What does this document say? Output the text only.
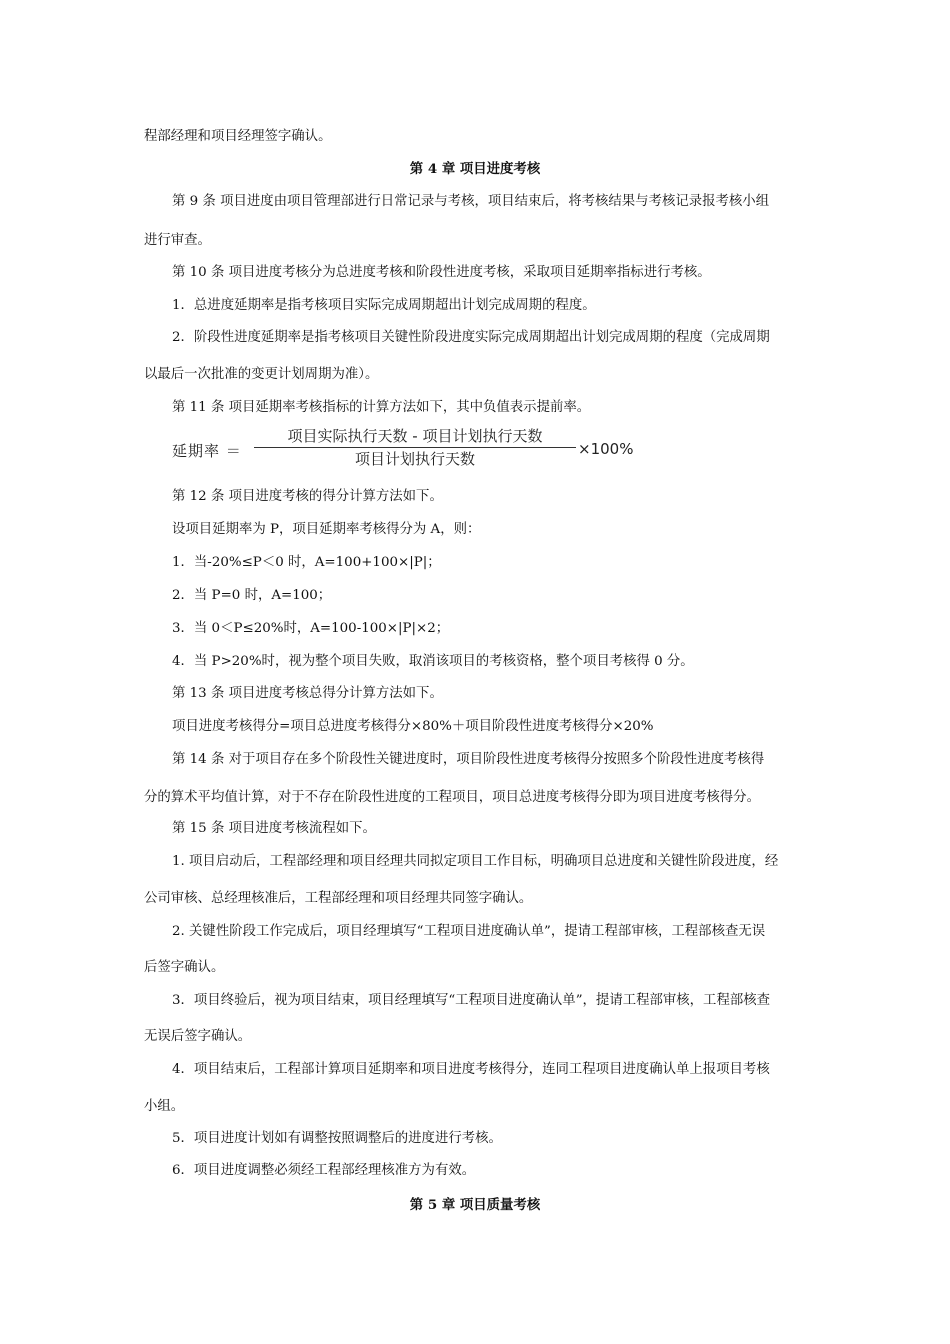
程部经理和项目经理签字确认。
第 4 章 项目进度考核
第 9 条 项目进度由项目管理部进行日常记录与考核，项目结束后，将考核结果与考核记录报考核小组
进行审查。
第 10 条 项目进度考核分为总进度考核和阶段性进度考核，采取项目延期率指标进行考核。
1．总进度延期率是指考核项目实际完成周期超出计划完成周期的程度。
2．阶段性进度延期率是指考核项目关键性阶段进度实际完成周期超出计划完成周期的程度（完成周期
以最后一次批准的变更计划周期为准）。
第 11 条 项目延期率考核指标的计算方法如下，其中负值表示提前率。
延期率 ＝
项目实际执行天数 - 项目计划执行天数
项目计划执行天数
×100%
第 12 条 项目进度考核的得分计算方法如下。
设项目延期率为 P，项目延期率考核得分为 A，则：
1．当-20%≤P＜0 时，A=100+100×|P|；
2．当 P=0 时，A=100；
3．当 0＜P≤20%时，A=100-100×|P|×2；
4．当 P>20%时，视为整个项目失败，取消该项目的考核资格，整个项目考核得 0 分。
第 13 条 项目进度考核总得分计算方法如下。
项目进度考核得分=项目总进度考核得分×80%＋项目阶段性进度考核得分×20%
第 14 条 对于项目存在多个阶段性关键进度时，项目阶段性进度考核得分按照多个阶段性进度考核得
分的算术平均值计算，对于不存在阶段性进度的工程项目，项目总进度考核得分即为项目进度考核得分。
第 15 条 项目进度考核流程如下。
1. 项目启动后，工程部经理和项目经理共同拟定项目工作目标，明确项目总进度和关键性阶段进度，经
公司审核、总经理核准后，工程部经理和项目经理共同签字确认。
2. 关键性阶段工作完成后，项目经理填写“工程项目进度确认单”，提请工程部审核，工程部核查无误
后签字确认。
3．项目终验后，视为项目结束，项目经理填写“工程项目进度确认单”，提请工程部审核，工程部核查
无误后签字确认。
4．项目结束后，工程部计算项目延期率和项目进度考核得分，连同工程项目进度确认单上报项目考核
小组。
5．项目进度计划如有调整按照调整后的进度进行考核。
6．项目进度调整必须经工程部经理核准方为有效。
第 5 章 项目质量考核
